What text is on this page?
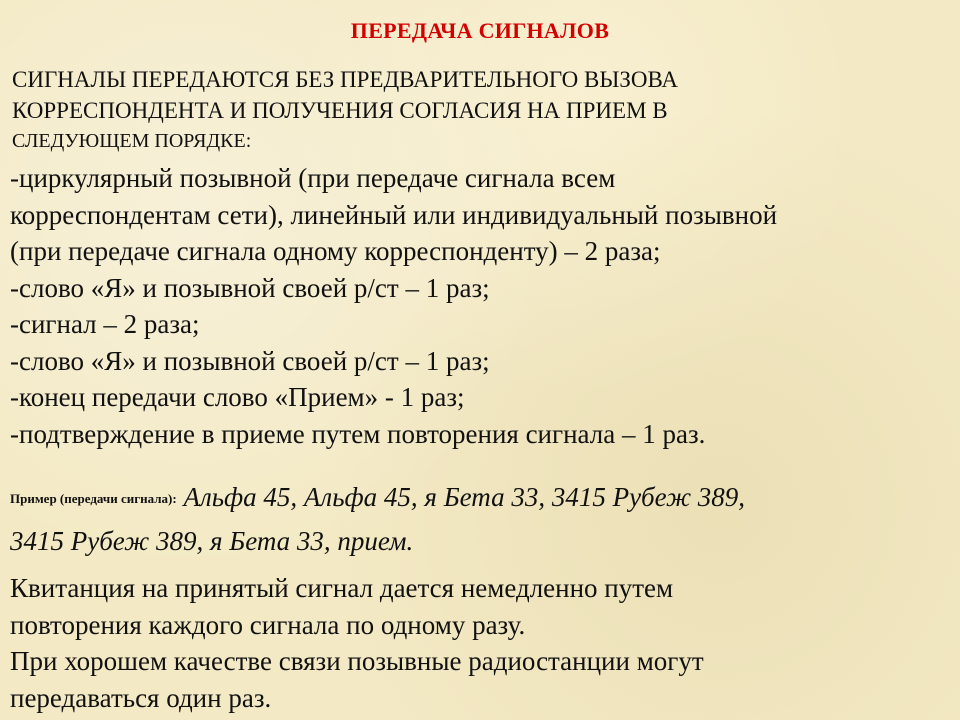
ПЕРЕДАЧА СИГНАЛОВ
СИГНАЛЫ ПЕРЕДАЮТСЯ БЕЗ ПРЕДВАРИТЕЛЬНОГО ВЫЗОВА
КОРРЕСПОНДЕНТА И ПОЛУЧЕНИЯ СОГЛАСИЯ НА ПРИЕМ В
СЛЕДУЮЩЕМ ПОРЯДКЕ:
-циркулярный позывной (при передаче сигнала всем
корреспондентам сети), линейный или индивидуальный позывной
(при передаче сигнала одному корреспонденту) – 2 раза;
-слово «Я» и позывной своей р/ст – 1 раз;
-сигнал – 2 раза;
-слово «Я» и позывной своей р/ст – 1 раз;
-конец передачи слово «Прием» - 1 раз;
-подтверждение в приеме путем повторения сигнала – 1 раз.
Пример (передачи сигнала): Альфа 45, Альфа 45, я Бета 33, 3415 Рубеж 389,
3415 Рубеж 389, я Бета 33, прием.

Квитанция на принятый сигнал дается немедленно путем

повторения каждого сигнала по одному разу.

При хорошем качестве связи позывные радиостанции могут

передаваться один раз.
